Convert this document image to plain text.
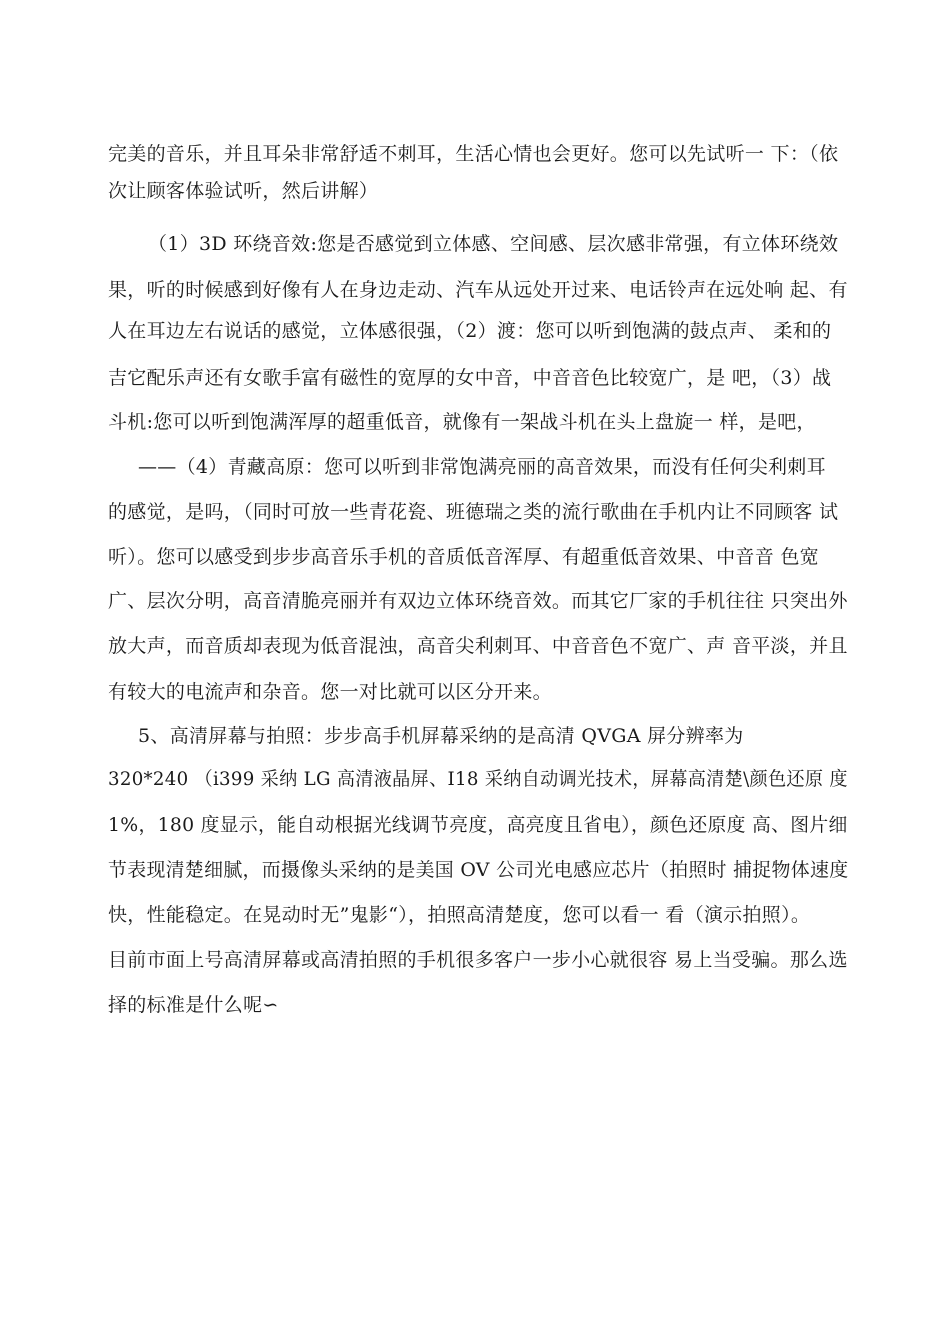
完美的音乐，并且耳朵非常舒适不刺耳，生活心情也会更好。您可以先试听一 下：（依
次让顾客体验试听，然后讲解）
（1）3D 环绕音效:您是否感觉到立体感、空间感、层次感非常强，有立体环绕效
果，听的时候感到好像有人在身边走动、汽车从远处开过来、电话铃声在远处响 起、有
人在耳边左右说话的感觉，立体感很强，（2）渡：您可以听到饱满的鼓点声、 柔和的
吉它配乐声还有女歌手富有磁性的宽厚的女中音，中音音色比较宽广，是 吧，（3）战
斗机:您可以听到饱满浑厚的超重低音，就像有一架战斗机在头上盘旋一 样，是吧，
——（4）青藏高原：您可以听到非常饱满亮丽的高音效果，而没有任何尖利刺耳
的感觉，是吗，（同时可放一些青花瓷、班德瑞之类的流行歌曲在手机内让不同顾客 试
听）。您可以感受到步步高音乐手机的音质低音浑厚、有超重低音效果、中音音 色宽
广、层次分明，高音清脆亮丽并有双边立体环绕音效。而其它厂家的手机往往 只突出外
放大声，而音质却表现为低音混浊，高音尖利刺耳、中音音色不宽广、声 音平淡，并且
有较大的电流声和杂音。您一对比就可以区分开来。
5、高清屏幕与拍照：步步高手机屏幕采纳的是高清 QVGA 屏分辨率为
320*240 （i399 采纳 LG 高清液晶屏、I18 采纳自动调光技术，屏幕高清楚\颜色还原 度
1%，180 度显示，能自动根据光线调节亮度，高亮度且省电），颜色还原度 高、图片细
节表现清楚细腻，而摄像头采纳的是美国 OV 公司光电感应芯片（拍照时 捕捉物体速度
快，性能稳定。在晃动时无”鬼影“），拍照高清楚度，您可以看一 看（演示拍照）。
目前市面上号高清屏幕或高清拍照的手机很多客户一步小心就很容 易上当受骗。那么选
择的标准是什么呢∽
